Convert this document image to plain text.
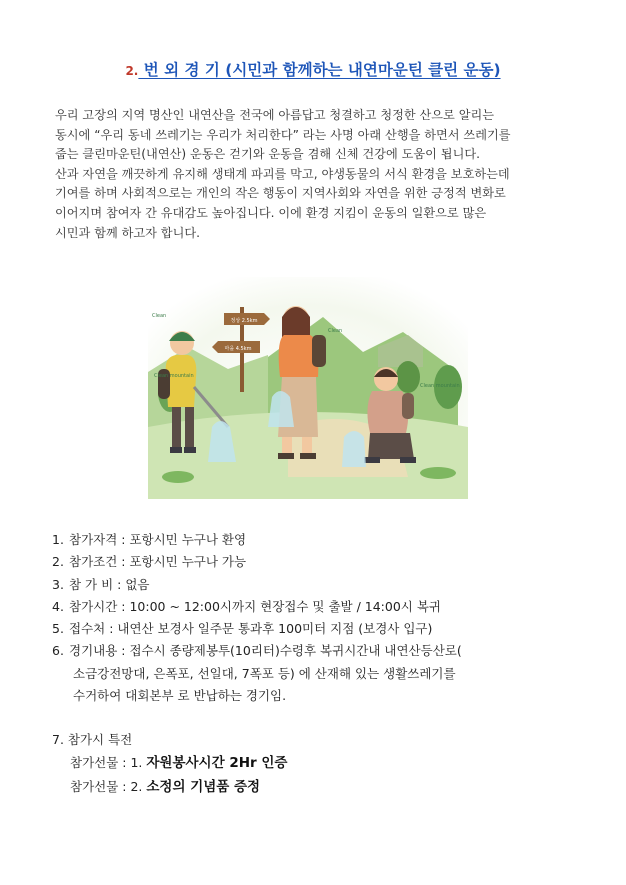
2. 번 외 경 기 (시민과 함께하는 내연마운틴 클린 운동)

우리 고장의 지역 명산인 내연산을 전국에 아름답고 청결하고 청정한 산으로 알리는

동시에 “우리 동네 쓰레기는 우리가 처리한다” 라는 사명 아래 산행을 하면서 쓰레기를

줍는 클린마운틴(내연산) 운동은 걷기와 운동을 겸해 신체 건강에 도움이 됩니다.

산과 자연을 깨끗하게 유지해 생태계 파괴를 막고, 야생동물의 서식 환경을 보호하는데

기여를 하며 사회적으로는 개인의 작은 행동이 지역사회와 자연을 위한 긍정적 변화로

이어지며 참여자 간 유대감도 높아집니다. 이에 환경 지킴이 운동의 일환으로 많은

시민과 함께 하고자 합니다.

정상 2.5km
마을 4.5km
Clean
Clean
Clean mountain
Clean mountain
1. 참가자격 : 포항시민 누구나 환영
2. 참가조건 : 포항시민 누구나 가능
3. 참 가 비 : 없음
4. 참가시간 : 10:00 ~ 12:00시까지 현장접수 및 출발 / 14:00시 복귀
5. 접수처 : 내연산 보경사 일주문 통과후 100미터 지점 (보경사 입구)
6. 경기내용 : 접수시 종량제봉투(10리터)수령후 복귀시간내 내연산등산로(
소금강전망대, 은폭포, 선일대, 7폭포 등) 에 산재해 있는 생활쓰레기를
수거하여 대회본부 로 반납하는 경기임.
7. 참가시 특전
참가선물 : 1. 자원봉사시간 2Hr 인증
참가선물 : 2. 소정의 기념품 증정
